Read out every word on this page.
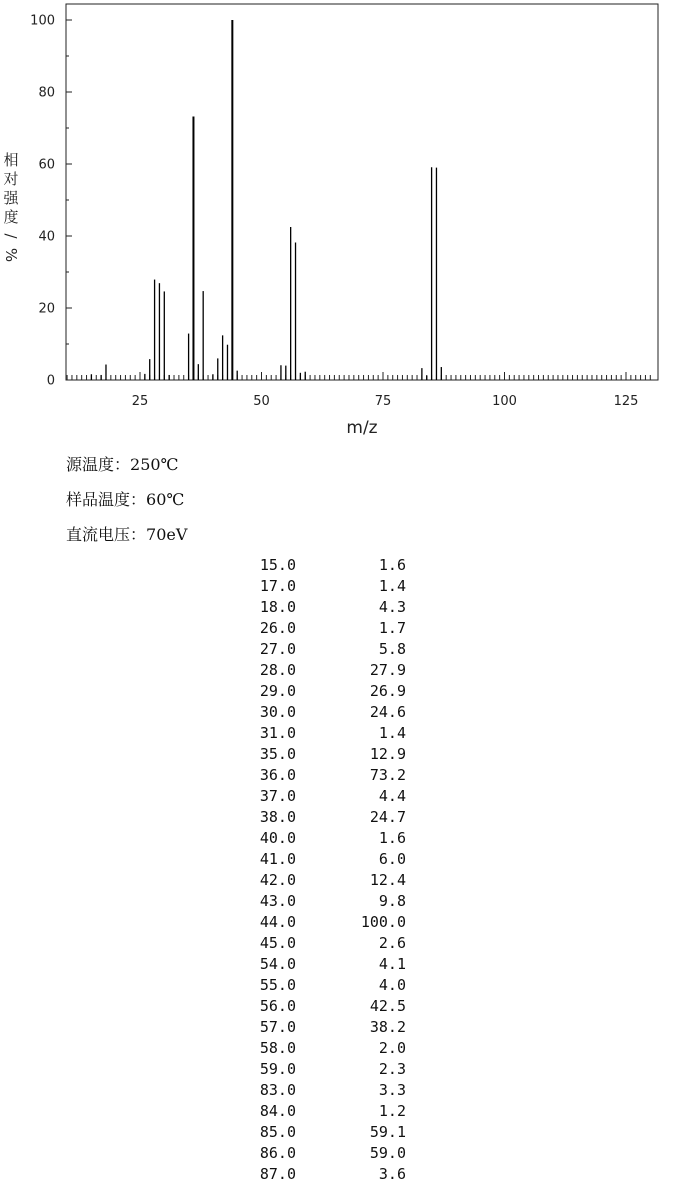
25	50	75	100	125
0
20
40
60
80
100
m/z
相
对
强
度
/
%
源温度：250℃
样品温度：60℃
直流电压：70eV
15.0	1.6
17.0	1.4
18.0	4.3
26.0	1.7
27.0	5.8
28.0	27.9
29.0	26.9
30.0	24.6
31.0	1.4
35.0	12.9
36.0	73.2
37.0	4.4
38.0	24.7
40.0	1.6
41.0	6.0
42.0	12.4
43.0	9.8
44.0	100.0
45.0	2.6
54.0	4.1
55.0	4.0
56.0	42.5
57.0	38.2
58.0	2.0
59.0	2.3
83.0	3.3
84.0	1.2
85.0	59.1
86.0	59.0
87.0	3.6
